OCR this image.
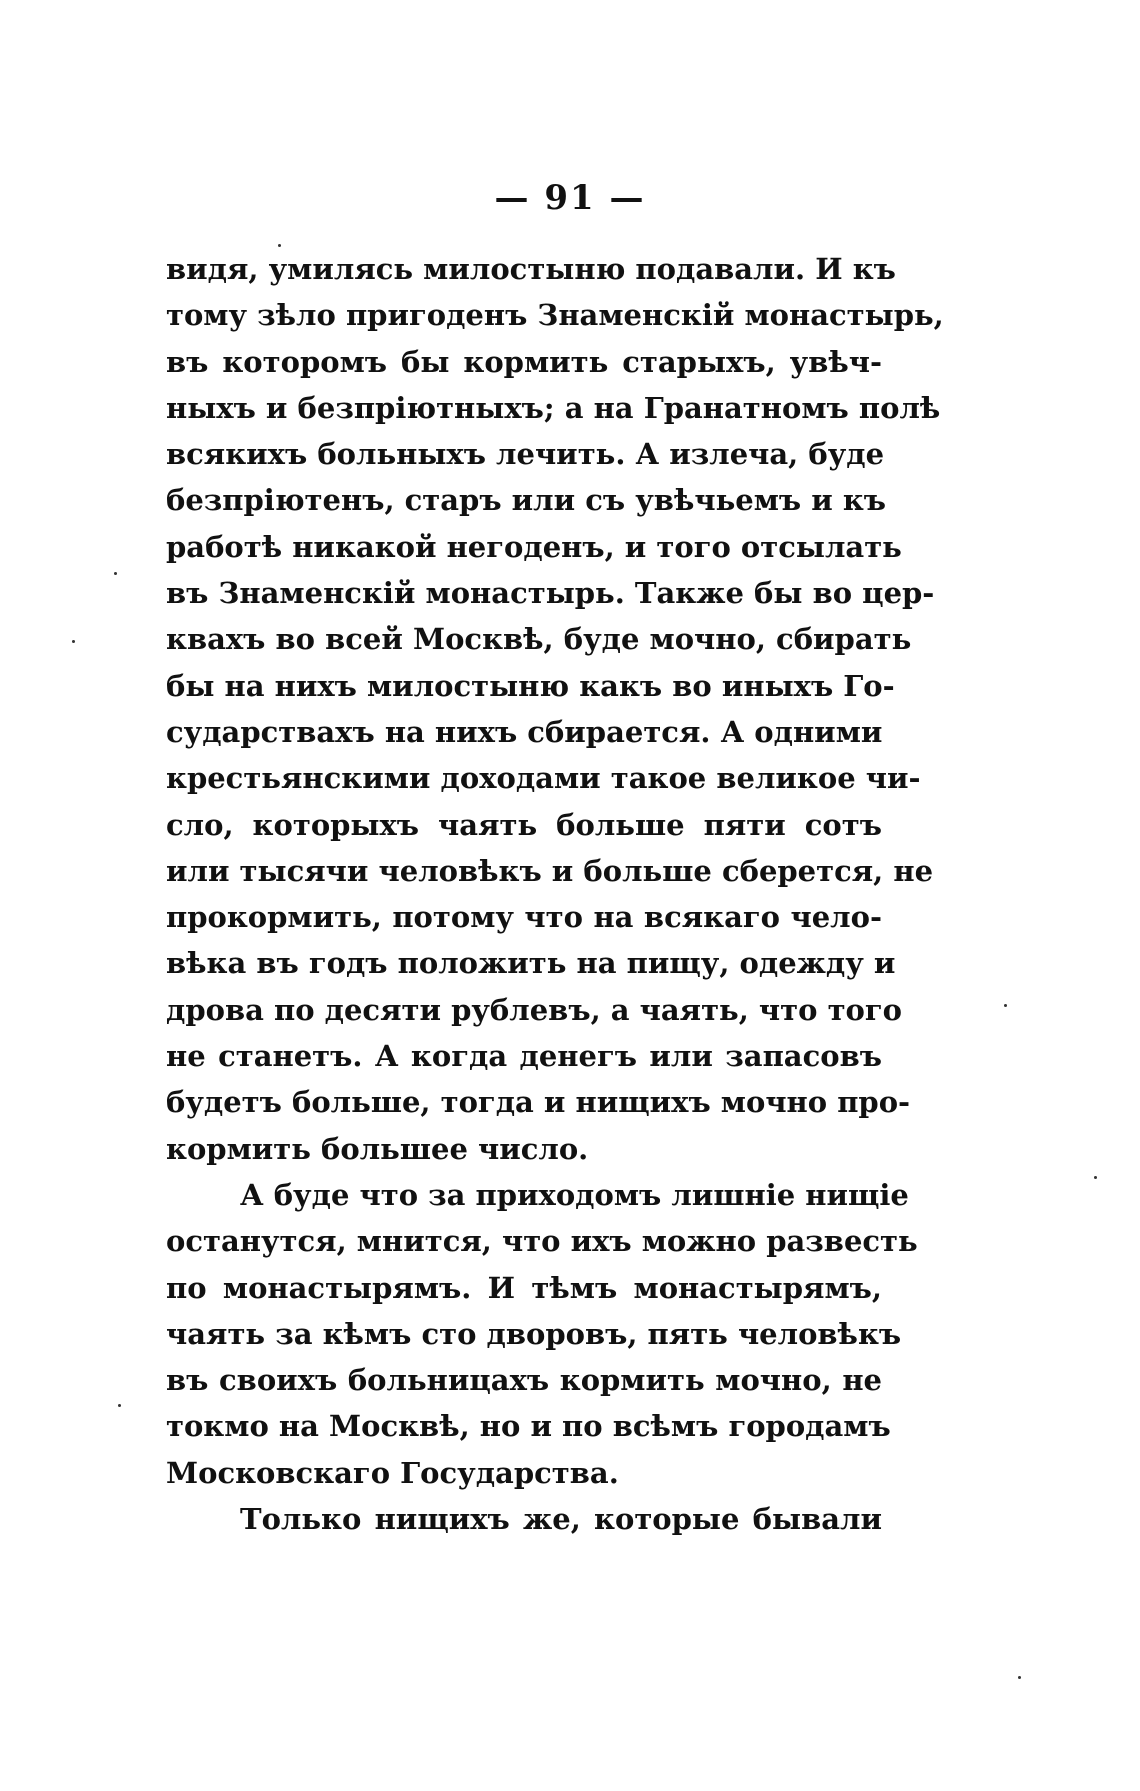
— 91 —
видя, умилясь милостыню подавали. И къ
тому зѣло пригоденъ Знаменскій монастырь,
въ которомъ бы кормить старыхъ, увѣч-
ныхъ и безпріютныхъ; а на Гранатномъ полѣ
всякихъ больныхъ лечить. А излеча, буде
безпріютенъ, старъ или съ увѣчьемъ и къ
работѣ никакой негоденъ, и того отсылать
въ Знаменскій монастырь. Также бы во цер-
квахъ во всей Москвѣ, буде мочно, сбирать
бы на нихъ милостыню какъ во иныхъ Го-
сударствахъ на нихъ сбирается. А одними
крестьянскими доходами такое великое чи-
сло, которыхъ чаять больше пяти сотъ
или тысячи человѣкъ и больше сберется, не
прокормить, потому что на всякаго чело-
вѣка въ годъ положить на пищу, одежду и
дрова по десяти рублевъ, а чаять, что того
не станетъ. А когда денегъ или запасовъ
будетъ больше, тогда и нищихъ мочно про-
кормить большее число.
А буде что за приходомъ лишніе нищіе
останутся, мнится, что ихъ можно развесть
по монастырямъ. И тѣмъ монастырямъ,
чаять за кѣмъ сто дворовъ, пять человѣкъ
въ своихъ больницахъ кормить мочно, не
токмо на Москвѣ, но и по всѣмъ городамъ
Московскаго Государства.
Только нищихъ же, которые бывали
